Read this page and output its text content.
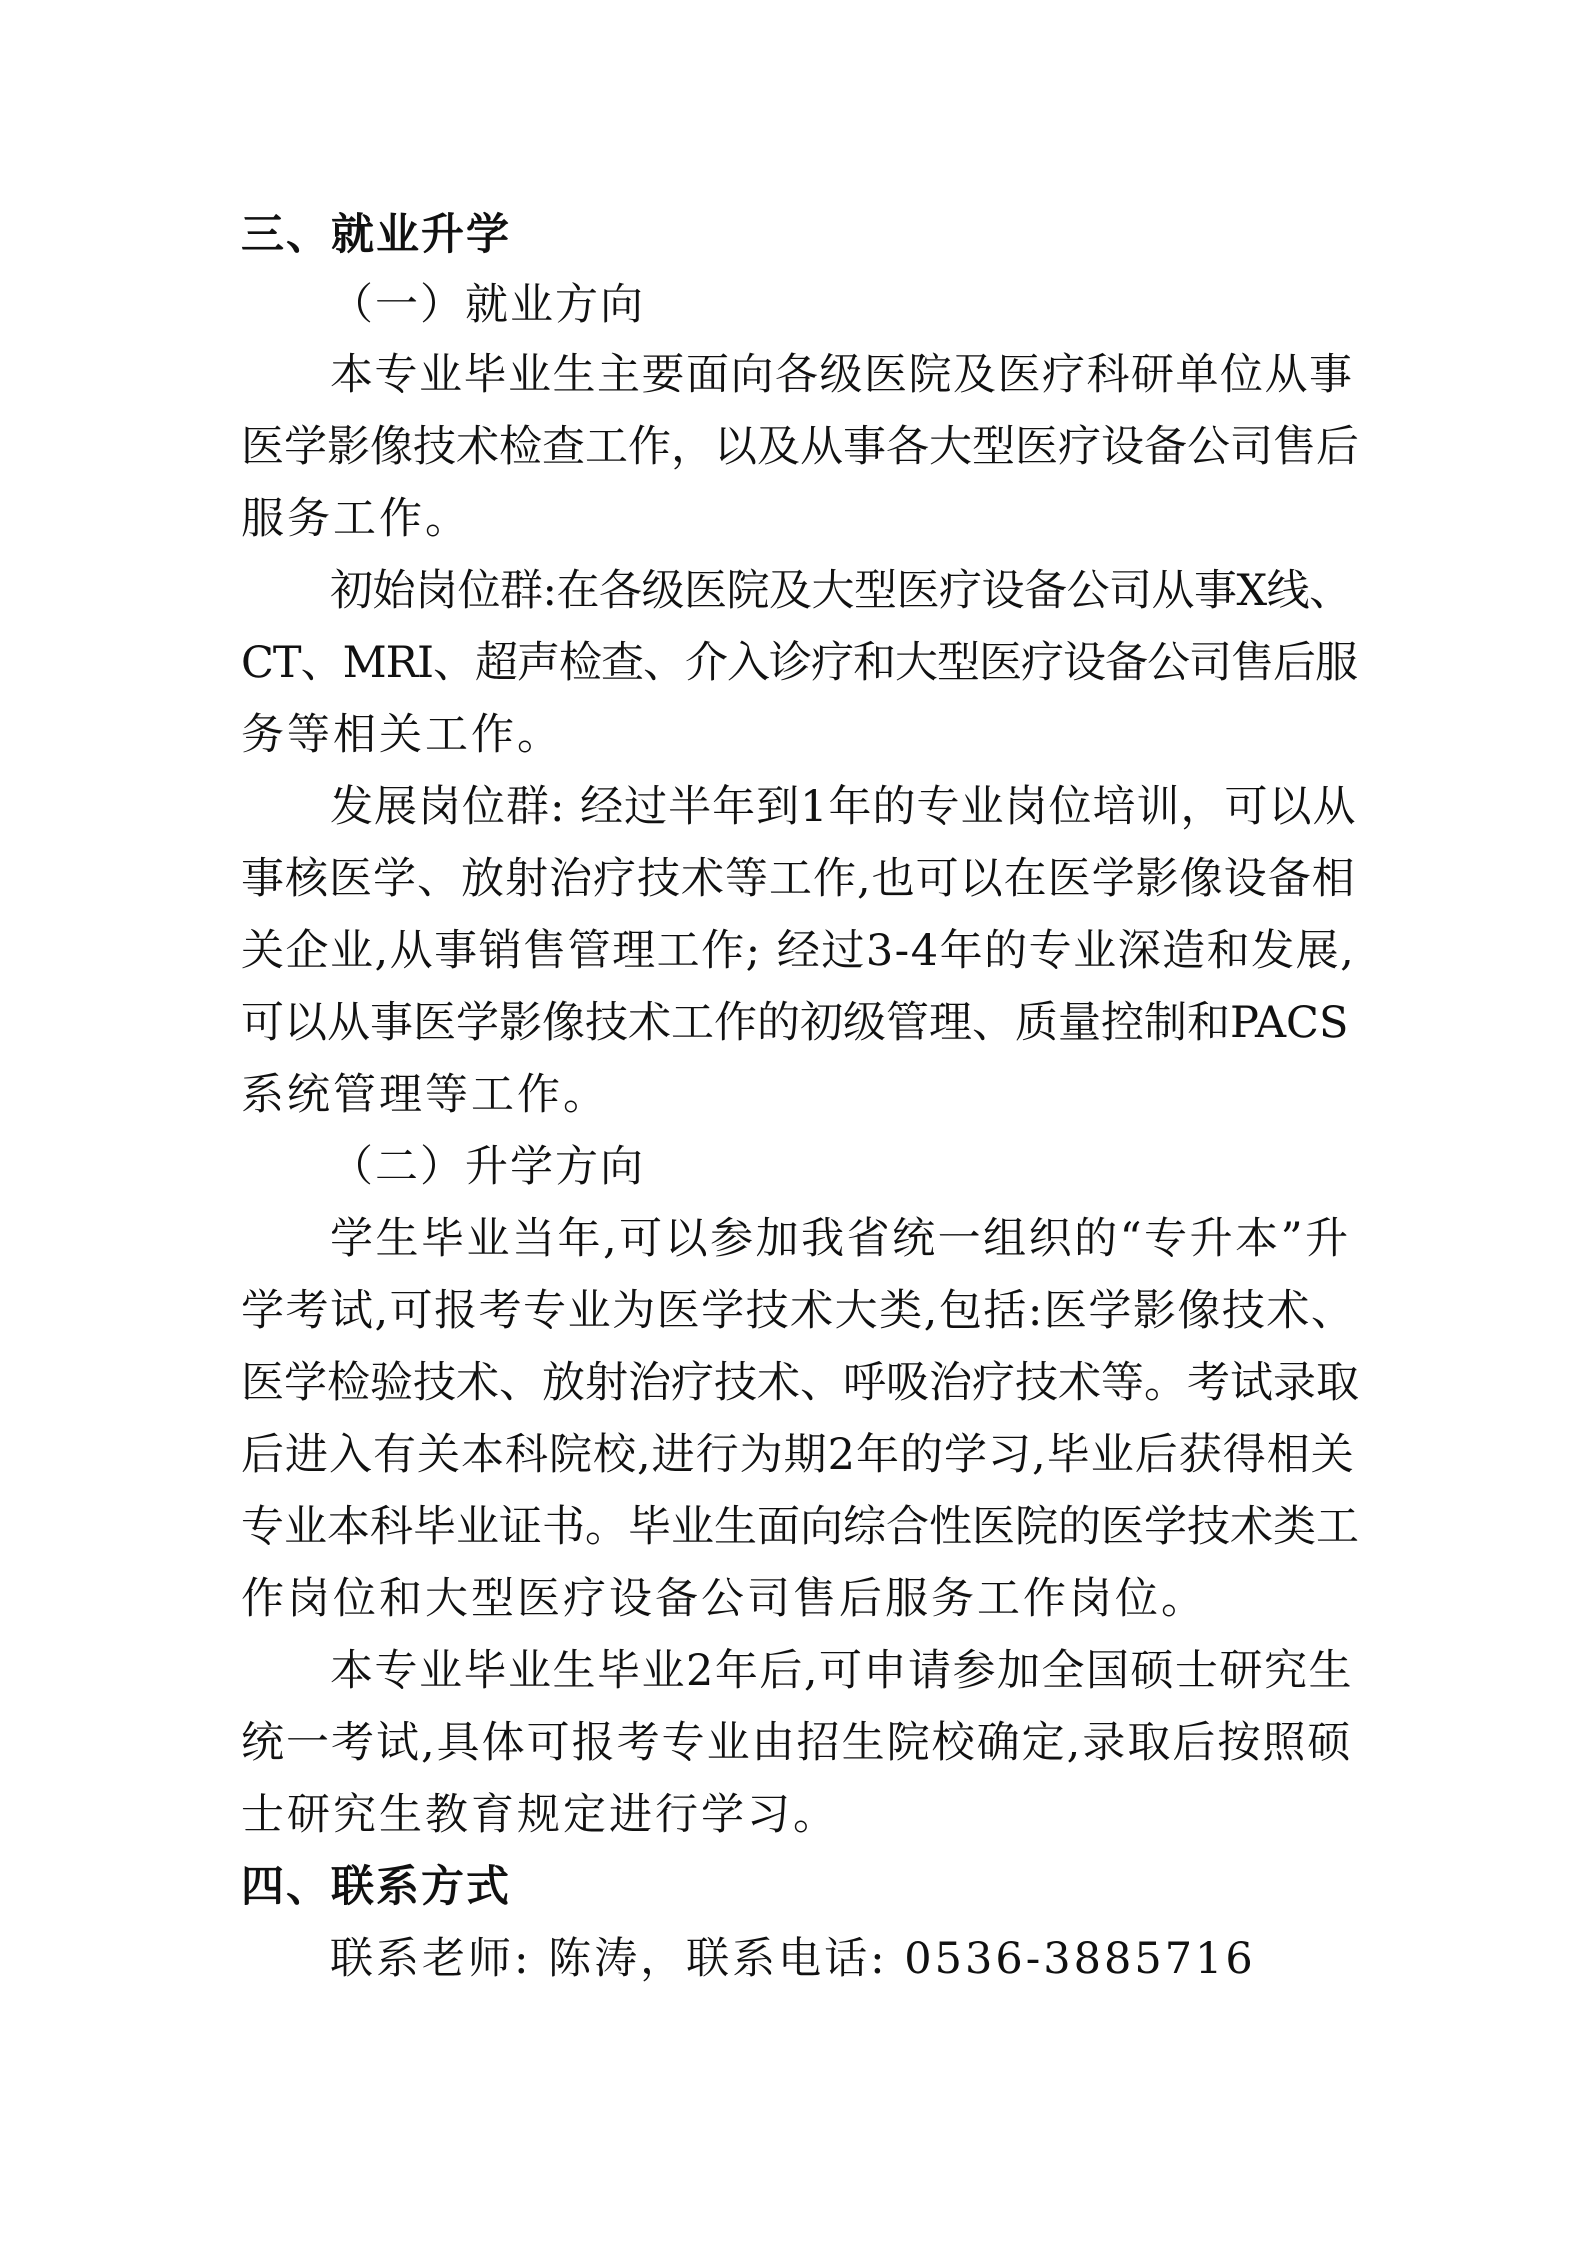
三、就业升学
（一）就业方向
本专业毕业生主要面向各级医院及医疗科研单位从事
医学影像技术检查工作，以及从事各大型医疗设备公司售后
服务工作。
初始岗位群:在各级医院及大型医疗设备公司从事X线、
CT、MRI、超声检查、介入诊疗和大型医疗设备公司售后服
务等相关工作。
发展岗位群: 经过半年到1年的专业岗位培训，可以从
事核医学、放射治疗技术等工作,也可以在医学影像设备相
关企业,从事销售管理工作; 经过3-4年的专业深造和发展,
可以从事医学影像技术工作的初级管理、质量控制和PACS
系统管理等工作。
（二）升学方向
学生毕业当年,可以参加我省统一组织的“专升本”升
学考试,可报考专业为医学技术大类,包括:医学影像技术、
医学检验技术、放射治疗技术、呼吸治疗技术等。考试录取
后进入有关本科院校,进行为期2年的学习,毕业后获得相关
专业本科毕业证书。毕业生面向综合性医院的医学技术类工
作岗位和大型医疗设备公司售后服务工作岗位。
本专业毕业生毕业2年后,可申请参加全国硕士研究生
统一考试,具体可报考专业由招生院校确定,录取后按照硕
士研究生教育规定进行学习。
四、联系方式
联系老师: 陈涛，联系电话: 0536-3885716
